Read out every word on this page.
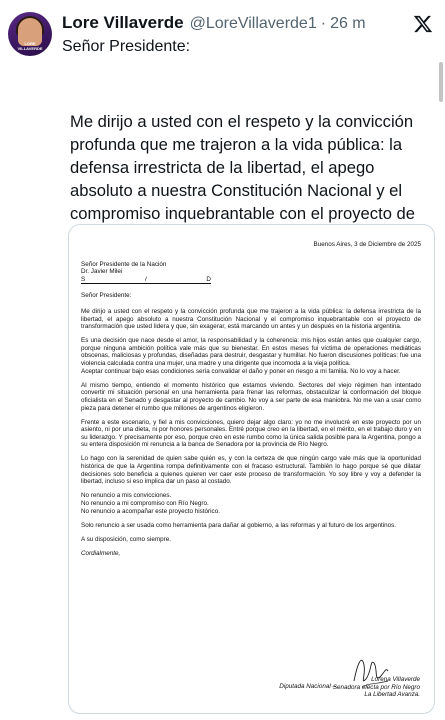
LORE VILLAVERDE
Lore Villaverde @LoreVillaverde1 · 26 m
Señor Presidente:
Me dirijo a usted con el respeto y la convicción profunda que me trajeron a la vida pública: la defensa irrestricta de la libertad, el apego absoluto a nuestra Constitución Nacional y el compromiso inquebrantable con el proyecto de
Buenos Aires, 3 de Diciembre de 2025
Señor Presidente de la Nación
Dr. Javier Milei
S	/	D

Señor Presidente:

Me dirijo a usted con el respeto y la convicción profunda que me trajeron a la vida pública: la defensa irrestricta de la libertad, el apego absoluto a nuestra Constitución Nacional y el compromiso inquebrantable con el proyecto de transformación que usted lidera y que, sin exagerar, está marcando un antes y un después en la historia argentina.

Es una decisión que nace desde el amor, la responsabilidad y la coherencia: mis hijos están antes que cualquier cargo, porque ninguna ambición política vale más que su bienestar. En estos meses fui víctima de operaciones mediáticas obscenas, maliciosas y profundas, diseñadas para destruir, desgastar y humillar. No fueron discusiones políticas: fue una violencia calculada contra una mujer, una madre y una dirigente que incomoda a la vieja política.

Aceptar continuar bajo esas condiciones sería convalidar el daño y poner en riesgo a mi familia. No lo voy a hacer.

Al mismo tiempo, entiendo el momento histórico que estamos viviendo. Sectores del viejo régimen han intentado convertir mi situación personal en una herramienta para frenar las reformas, obstaculizar la conformación del bloque oficialista en el Senado y desgastar al proyecto de cambio. No voy a ser parte de esa maniobra. No me van a usar como pieza para detener el rumbo que millones de argentinos eligieron.

Frente a este escenario, y fiel a mis convicciones, quiero dejar algo claro: yo no me involucré en este proyecto por un asiento, ni por una dieta, ni por honores personales. Entré porque creo en la libertad, en el mérito, en el trabajo duro y en su liderazgo. Y precisamente por eso, porque creo en este rumbo como la única salida posible para la Argentina, pongo a su entera disposición mi renuncia a la banca de Senadora por la provincia de Río Negro.

Lo hago con la serenidad de quien sabe quién es, y con la certeza de que ningún cargo vale más que la oportunidad histórica de que la Argentina rompa definitivamente con el fracaso estructural. También lo hago porque sé que dilatar decisiones solo beneficia a quienes quieren ver caer este proceso de transformación. Yo soy libre y voy a defender la libertad, incluso si eso implica dar un paso al costado.

No renuncio a mis convicciones.

No renuncio a mi compromiso con Río Negro.

No renuncio a acompañar este proyecto histórico.

Solo renuncio a ser usada como herramienta para dañar al gobierno, a las reformas y al futuro de los argentinos.

A su disposición, como siempre.

Cordialmente,

Lorena Villaverde
Senadora electa por Río Negro
La Libertad Avanza.
Diputada Nacional –
